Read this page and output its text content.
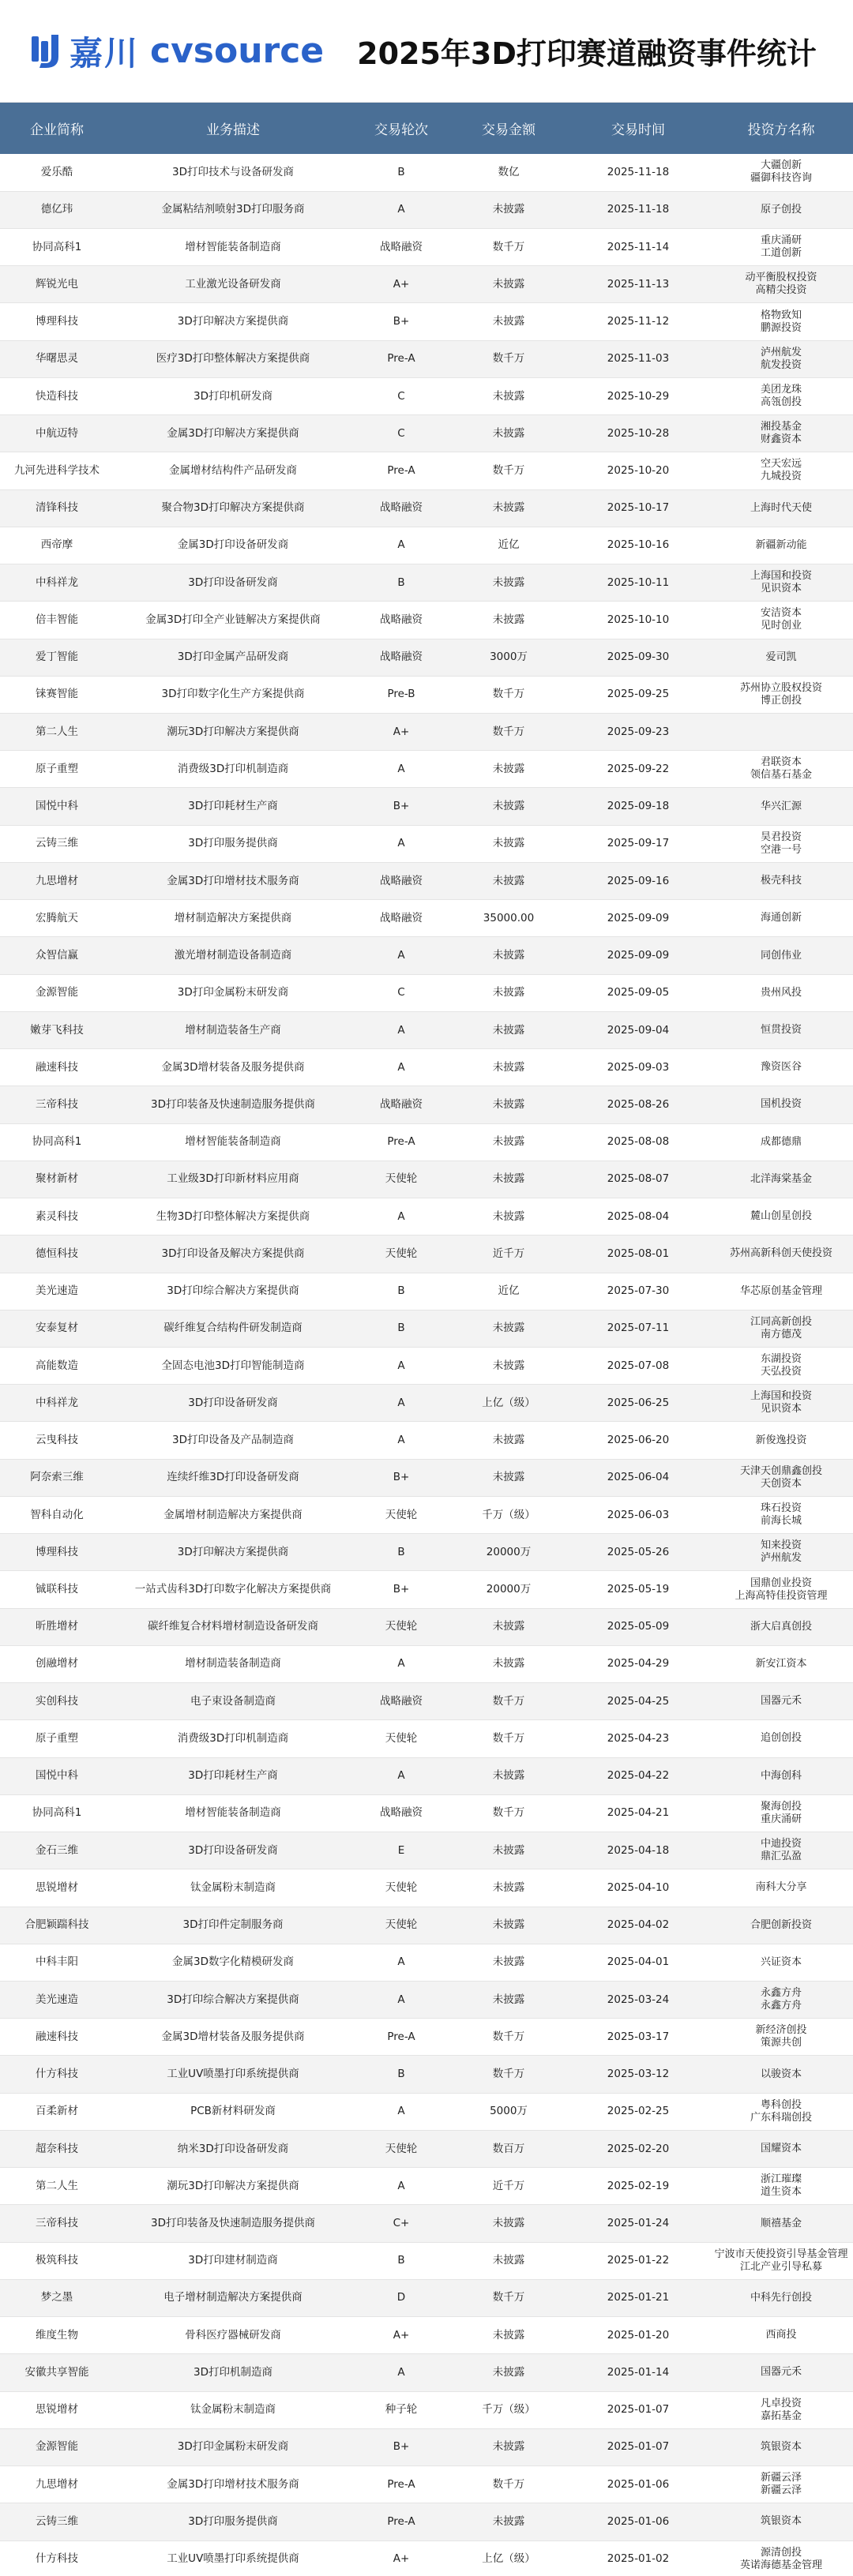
嘉川 cvsource 2025年3D打印赛道融资事件统计
企业简称	业务描述	交易轮次	交易金额	交易时间	投资方名称
爱乐酷	3D打印技术与设备研发商	B	数亿	2025-11-18	大疆创新
疆御科技咨询

德亿玮	金属粘结剂喷射3D打印服务商	A	未披露	2025-11-18	原子创投

协同高科1	增材智能装备制造商	战略融资	数千万	2025-11-14	重庆涌研
工道创新

辉锐光电	工业激光设备研发商	A+	未披露	2025-11-13	动平衡股权投资
高精尖投资

博理科技	3D打印解决方案提供商	B+	未披露	2025-11-12	格物致知
鹏源投资

华曙思灵	医疗3D打印整体解决方案提供商	Pre-A	数千万	2025-11-03	泸州航发
航发投资

快造科技	3D打印机研发商	C	未披露	2025-10-29	美团龙珠
高瓴创投

中航迈特	金属3D打印解决方案提供商	C	未披露	2025-10-28	湘投基金
财鑫资本

九河先进科学技术	金属增材结构件产品研发商	Pre-A	数千万	2025-10-20	空天宏远
九城投资

清锋科技	聚合物3D打印解决方案提供商	战略融资	未披露	2025-10-17	上海时代天使

西帝摩	金属3D打印设备研发商	A	近亿	2025-10-16	新疆新动能

中科祥龙	3D打印设备研发商	B	未披露	2025-10-11	上海国和投资
见识资本

倍丰智能	金属3D打印全产业链解决方案提供商	战略融资	未披露	2025-10-10	安洁资本
见时创业

爱丁智能	3D打印金属产品研发商	战略融资	3000万	2025-09-30	爱司凯

铼赛智能	3D打印数字化生产方案提供商	Pre-B	数千万	2025-09-25	苏州协立股权投资
博正创投

第二人生	潮玩3D打印解决方案提供商	A+	数千万	2025-09-23	
原子重塑	消费级3D打印机制造商	A	未披露	2025-09-22	君联资本
领信基石基金

国悦中科	3D打印耗材生产商	B+	未披露	2025-09-18	华兴汇源

云铸三维	3D打印服务提供商	A	未披露	2025-09-17	昊君投资
空港一号

九思增材	金属3D打印增材技术服务商	战略融资	未披露	2025-09-16	极壳科技

宏腾航天	增材制造解决方案提供商	战略融资	35000.00	2025-09-09	海通创新

众智信赢	激光增材制造设备制造商	A	未披露	2025-09-09	同创伟业

金源智能	3D打印金属粉末研发商	C	未披露	2025-09-05	贵州风投

嫩芽飞科技	增材制造装备生产商	A	未披露	2025-09-04	恒贯投资

融速科技	金属3D增材装备及服务提供商	A	未披露	2025-09-03	豫资医谷

三帝科技	3D打印装备及快速制造服务提供商	战略融资	未披露	2025-08-26	国机投资

协同高科1	增材智能装备制造商	Pre-A	未披露	2025-08-08	成都德鼎

聚材新材	工业级3D打印新材料应用商	天使轮	未披露	2025-08-07	北洋海棠基金

素灵科技	生物3D打印整体解决方案提供商	A	未披露	2025-08-04	麓山创星创投

德恒科技	3D打印设备及解决方案提供商	天使轮	近千万	2025-08-01	苏州高新科创天使投资

美光速造	3D打印综合解决方案提供商	B	近亿	2025-07-30	华芯原创基金管理

安泰复材	碳纤维复合结构件研发制造商	B	未披露	2025-07-11	江同高新创投
南方德茂

高能数造	全固态电池3D打印智能制造商	A	未披露	2025-07-08	东湖投资
天弘投资

中科祥龙	3D打印设备研发商	A	上亿（级）	2025-06-25	上海国和投资
见识资本

云曳科技	3D打印设备及产品制造商	A	未披露	2025-06-20	新俊逸投资

阿奈索三维	连续纤维3D打印设备研发商	B+	未披露	2025-06-04	天津天创鼎鑫创投
天创资本

智科自动化	金属增材制造解决方案提供商	天使轮	千万（级）	2025-06-03	珠石投资
前海长城

博理科技	3D打印解决方案提供商	B	20000万	2025-05-26	知来投资
泸州航发

铖联科技	一站式齿科3D打印数字化解决方案提供商	B+	20000万	2025-05-19	国鼎创业投资
上海高特佳投资管理

昕胜增材	碳纤维复合材料增材制造设备研发商	天使轮	未披露	2025-05-09	浙大启真创投

创融增材	增材制造装备制造商	A	未披露	2025-04-29	新安江资本

实创科技	电子束设备制造商	战略融资	数千万	2025-04-25	国器元禾

原子重塑	消费级3D打印机制造商	天使轮	数千万	2025-04-23	追创创投

国悦中科	3D打印耗材生产商	A	未披露	2025-04-22	中海创科

协同高科1	增材智能装备制造商	战略融资	数千万	2025-04-21	聚海创投
重庆涌研

金石三维	3D打印设备研发商	E	未披露	2025-04-18	中迪投资
鼎汇弘盈

思锐增材	钛金属粉末制造商	天使轮	未披露	2025-04-10	南科大分享

合肥颖踹科技	3D打印件定制服务商	天使轮	未披露	2025-04-02	合肥创新投资

中科丰阳	金属3D数字化精模研发商	A	未披露	2025-04-01	兴证资本

美光速造	3D打印综合解决方案提供商	A	未披露	2025-03-24	永鑫方舟
永鑫方舟

融速科技	金属3D增材装备及服务提供商	Pre-A	数千万	2025-03-17	新经济创投
策源共创

什方科技	工业UV喷墨打印系统提供商	B	数千万	2025-03-12	以骏资本

百柔新材	PCB新材料研发商	A	5000万	2025-02-25	粤科创投
广东科瑞创投

超奈科技	纳米3D打印设备研发商	天使轮	数百万	2025-02-20	国耀资本

第二人生	潮玩3D打印解决方案提供商	A	近千万	2025-02-19	浙江璀璨
道生资本

三帝科技	3D打印装备及快速制造服务提供商	C+	未披露	2025-01-24	顺禧基金

极筑科技	3D打印建材制造商	B	未披露	2025-01-22	宁波市天使投资引导基金管理
江北产业引导私募

梦之墨	电子增材制造解决方案提供商	D	数千万	2025-01-21	中科先行创投

维度生物	骨科医疗器械研发商	A+	未披露	2025-01-20	西商投

安徽共享智能	3D打印机制造商	A	未披露	2025-01-14	国器元禾

思锐增材	钛金属粉末制造商	种子轮	千万（级）	2025-01-07	凡卓投资
嘉拓基金

金源智能	3D打印金属粉末研发商	B+	未披露	2025-01-07	筑银资本

九思增材	金属3D打印增材技术服务商	Pre-A	数千万	2025-01-06	新疆云泽
新疆云泽

云铸三维	3D打印服务提供商	Pre-A	未披露	2025-01-06	筑银资本

什方科技	工业UV喷墨打印系统提供商	A+	上亿（级）	2025-01-02	源清创投
英诺海德基金管理
